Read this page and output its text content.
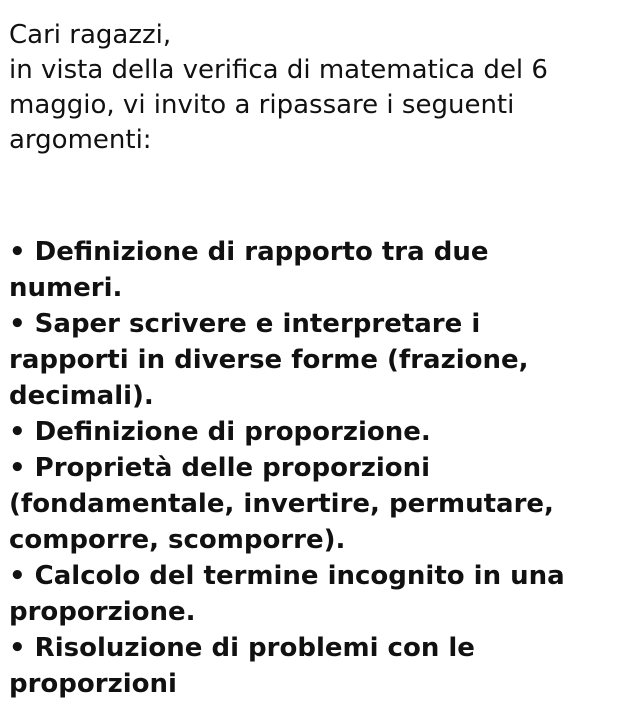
Cari ragazzi,
in vista della verifica di matematica del 6
maggio, vi invito a ripassare i seguenti
argomenti:
• Definizione di rapporto tra due
numeri.
• Saper scrivere e interpretare i
rapporti in diverse forme (frazione,
decimali).
• Definizione di proporzione.
• Proprietà delle proporzioni
(fondamentale, invertire, permutare,
comporre, scomporre).
• Calcolo del termine incognito in una
proporzione.
• Risoluzione di problemi con le
proporzioni
